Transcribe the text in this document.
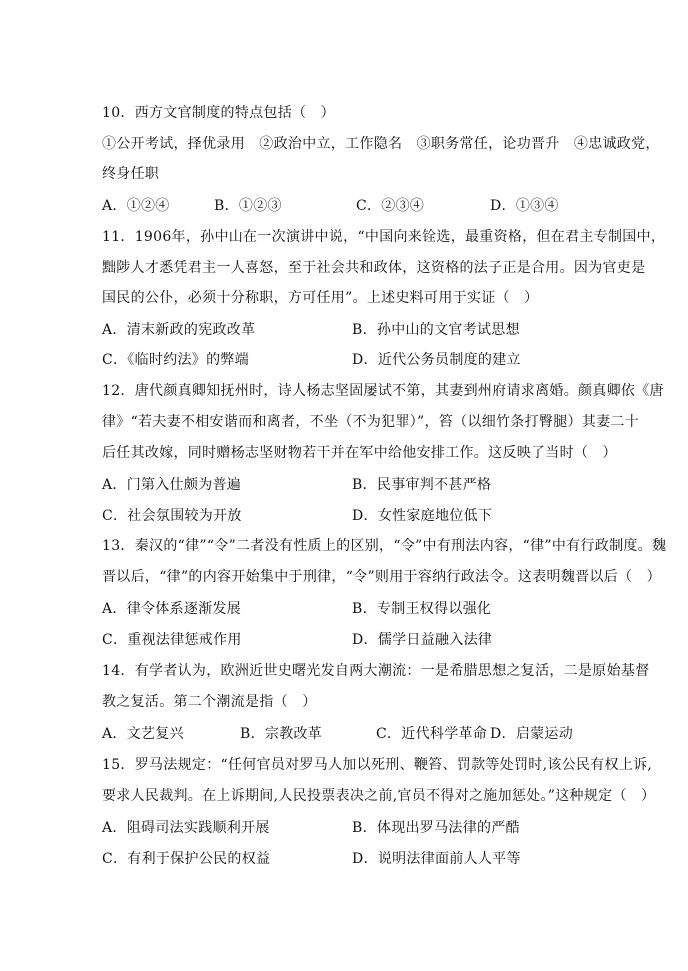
10．西方文官制度的特点包括（　）
①公开考试，择优录用　②政治中立，工作隐名　③职务常任，论功晋升　④忠诚政党，
终身任职
A．①②④	B．①②③	C．②③④	D．①③④
11．1906年，孙中山在一次演讲中说，“中国向来铨选，最重资格，但在君主专制国中，
黜陟人才悉凭君主一人喜怒，至于社会共和政体，这资格的法子正是合用。因为官吏是
国民的公仆，必须十分称职，方可任用”。上述史料可用于实证（　）
A．清末新政的宪政改革	B．孙中山的文官考试思想
C．《临时约法》的弊端	D．近代公务员制度的建立
12．唐代颜真卿知抚州时，诗人杨志坚固屡试不第，其妻到州府请求离婚。颜真卿依《唐
律》“若夫妻不相安谐而和离者，不坐（不为犯罪）”，笞（以细竹条打臀腿）其妻二十
后任其改嫁，同时赠杨志坚财物若干并在军中给他安排工作。这反映了当时（　）
A．门第入仕颇为普遍	B．民事审判不甚严格
C．社会氛围较为开放	D．女性家庭地位低下
13．秦汉的“律”“令”二者没有性质上的区别，“令”中有刑法内容，“律”中有行政制度。魏
晋以后，“律”的内容开始集中于刑律，“令”则用于容纳行政法令。这表明魏晋以后（　）
A．律令体系逐渐发展	B．专制王权得以强化
C．重视法律惩戒作用	D．儒学日益融入法律
14．有学者认为，欧洲近世史曙光发自两大潮流：一是希腊思想之复活，二是原始基督
教之复活。第二个潮流是指（　）
A．文艺复兴	B．宗教改革	C．近代科学革命 D．启蒙运动
15．罗马法规定：“任何官员对罗马人加以死刑、鞭笞、罚款等处罚时,该公民有权上诉,
要求人民裁判。在上诉期间,人民投票表决之前,官员不得对之施加惩处。”这种规定（　）
A．阻碍司法实践顺利开展	B．体现出罗马法律的严酷
C．有利于保护公民的权益	D．说明法律面前人人平等
